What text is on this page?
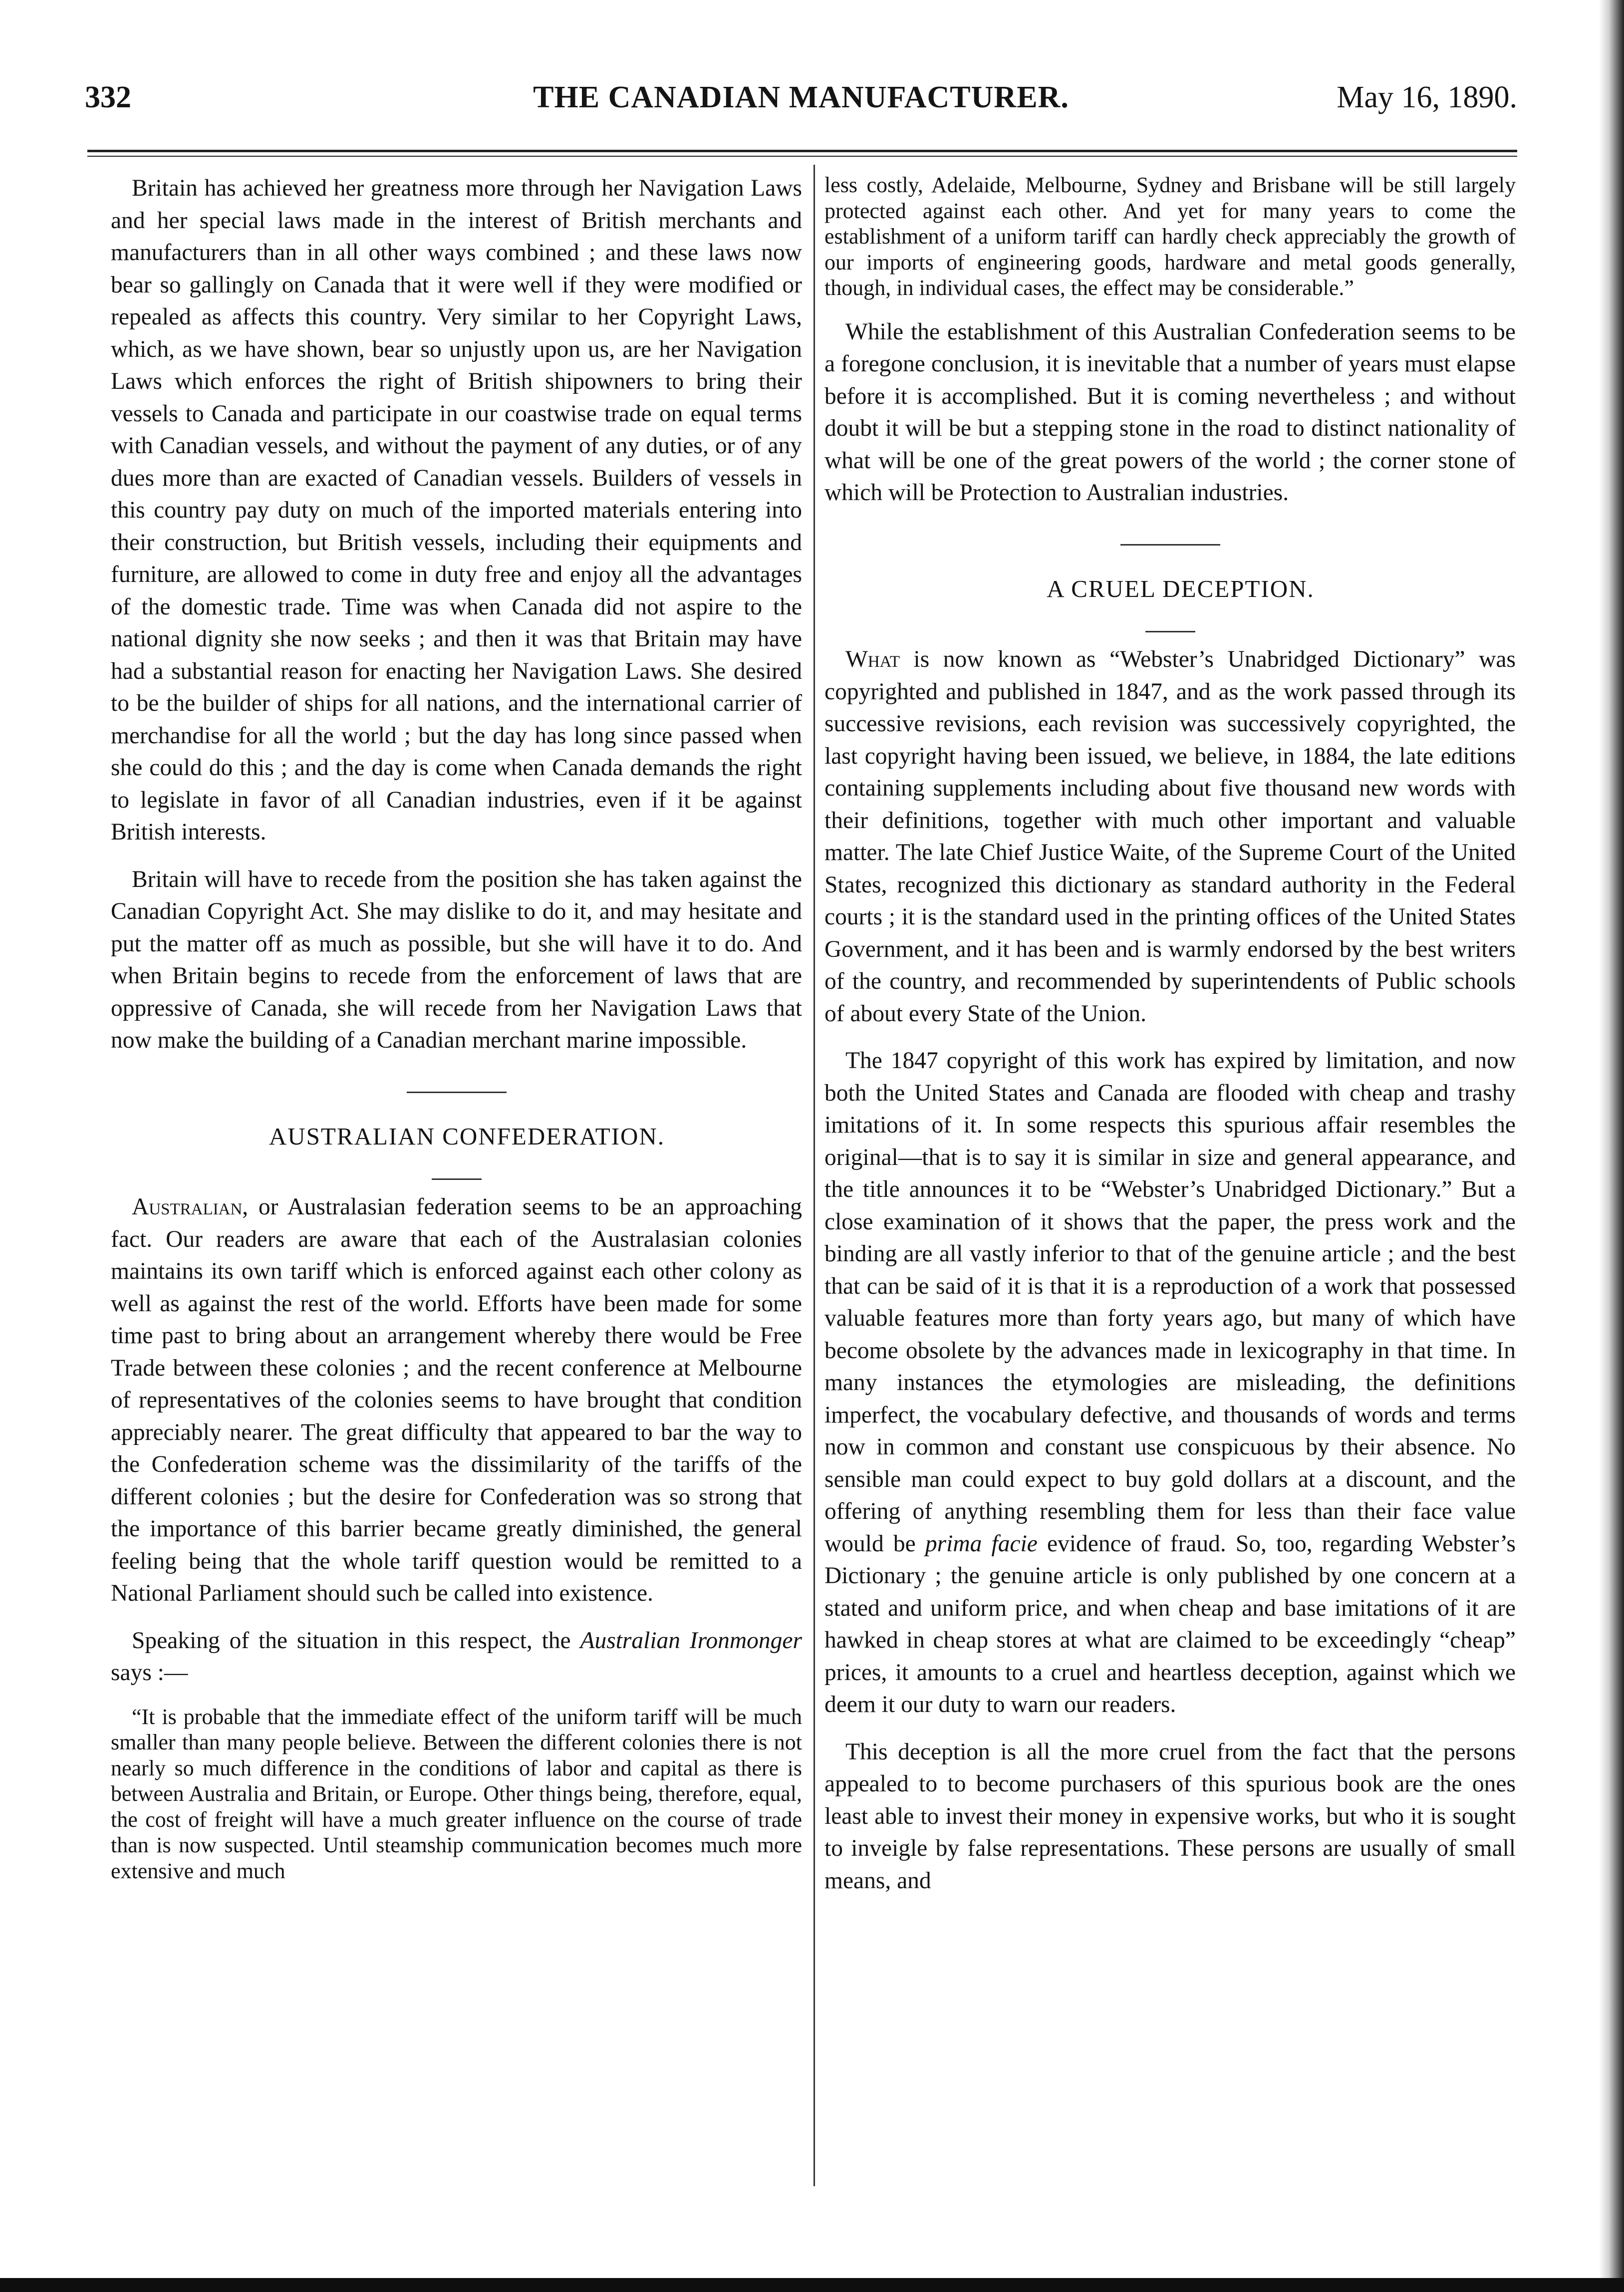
332	THE CANADIAN MANUFACTURER.	May 16, 1890.

Britain has achieved her greatness more through her Navigation Laws and her special laws made in the interest of British merchants and manufacturers than in all other ways combined ; and these laws now bear so gallingly on Canada that it were well if they were modified or repealed as affects this country. Very similar to her Copyright Laws, which, as we have shown, bear so unjustly upon us, are her Navigation Laws which enforces the right of British shipowners to bring their vessels to Canada and participate in our coastwise trade on equal terms with Canadian vessels, and without the payment of any duties, or of any dues more than are exacted of Canadian vessels. Builders of vessels in this country pay duty on much of the imported materials entering into their construction, but British vessels, including their equipments and furniture, are allowed to come in duty free and enjoy all the advantages of the domestic trade. Time was when Canada did not aspire to the national dignity she now seeks ; and then it was that Britain may have had a substantial reason for enacting her Navigation Laws. She desired to be the builder of ships for all nations, and the international carrier of merchandise for all the world ; but the day has long since passed when she could do this ; and the day is come when Canada demands the right to legislate in favor of all Canadian industries, even if it be against British interests.

Britain will have to recede from the position she has taken against the Canadian Copyright Act. She may dislike to do it, and may hesitate and put the matter off as much as possible, but she will have it to do. And when Britain begins to recede from the enforcement of laws that are oppressive of Canada, she will recede from her Navigation Laws that now make the building of a Canadian merchant marine impossible.

AUSTRALIAN CONFEDERATION.

Australian, or Australasian federation seems to be an approaching fact. Our readers are aware that each of the Australasian colonies maintains its own tariff which is enforced against each other colony as well as against the rest of the world. Efforts have been made for some time past to bring about an arrangement whereby there would be Free Trade between these colonies ; and the recent conference at Melbourne of representatives of the colonies seems to have brought that condition appreciably nearer. The great difficulty that appeared to bar the way to the Confederation scheme was the dissimilarity of the tariffs of the different colonies ; but the desire for Confederation was so strong that the importance of this barrier became greatly diminished, the general feeling being that the whole tariff question would be remitted to a National Parliament should such be called into existence.

Speaking of the situation in this respect, the Australian Ironmonger says :—

“It is probable that the immediate effect of the uniform tariff will be much smaller than many people believe. Between the different colonies there is not nearly so much difference in the conditions of labor and capital as there is between Australia and Britain, or Europe. Other things being, therefore, equal, the cost of freight will have a much greater influence on the course of trade than is now suspected. Until steamship communication becomes much more extensive and much

less costly, Adelaide, Melbourne, Sydney and Brisbane will be still largely protected against each other. And yet for many years to come the establishment of a uniform tariff can hardly check appreciably the growth of our imports of engineering goods, hardware and metal goods generally, though, in individual cases, the effect may be considerable.”

While the establishment of this Australian Confederation seems to be a foregone conclusion, it is inevitable that a number of years must elapse before it is accomplished. But it is coming nevertheless ; and without doubt it will be but a stepping stone in the road to distinct nationality of what will be one of the great powers of the world ; the corner stone of which will be Protection to Australian industries.

A CRUEL DECEPTION.

What is now known as “Webster’s Unabridged Dictionary” was copyrighted and published in 1847, and as the work passed through its successive revisions, each revision was successively copyrighted, the last copyright having been issued, we believe, in 1884, the late editions containing supplements including about five thousand new words with their definitions, together with much other important and valuable matter. The late Chief Justice Waite, of the Supreme Court of the United States, recognized this dictionary as standard authority in the Federal courts ; it is the standard used in the printing offices of the United States Government, and it has been and is warmly endorsed by the best writers of the country, and recommended by superintendents of Public schools of about every State of the Union.

The 1847 copyright of this work has expired by limitation, and now both the United States and Canada are flooded with cheap and trashy imitations of it. In some respects this spurious affair resembles the original—that is to say it is similar in size and general appearance, and the title announces it to be “Webster’s Unabridged Dictionary.” But a close examination of it shows that the paper, the press work and the binding are all vastly inferior to that of the genuine article ; and the best that can be said of it is that it is a reproduction of a work that possessed valuable features more than forty years ago, but many of which have become obsolete by the advances made in lexicography in that time. In many instances the etymologies are misleading, the definitions imperfect, the vocabulary defective, and thousands of words and terms now in common and constant use conspicuous by their absence. No sensible man could expect to buy gold dollars at a discount, and the offering of anything resembling them for less than their face value would be prima facie evidence of fraud. So, too, regarding Webster’s Dictionary ; the genuine article is only published by one concern at a stated and uniform price, and when cheap and base imitations of it are hawked in cheap stores at what are claimed to be exceedingly “cheap” prices, it amounts to a cruel and heartless deception, against which we deem it our duty to warn our readers.

This deception is all the more cruel from the fact that the persons appealed to to become purchasers of this spurious book are the ones least able to invest their money in expensive works, but who it is sought to inveigle by false representations. These persons are usually of small means, and
